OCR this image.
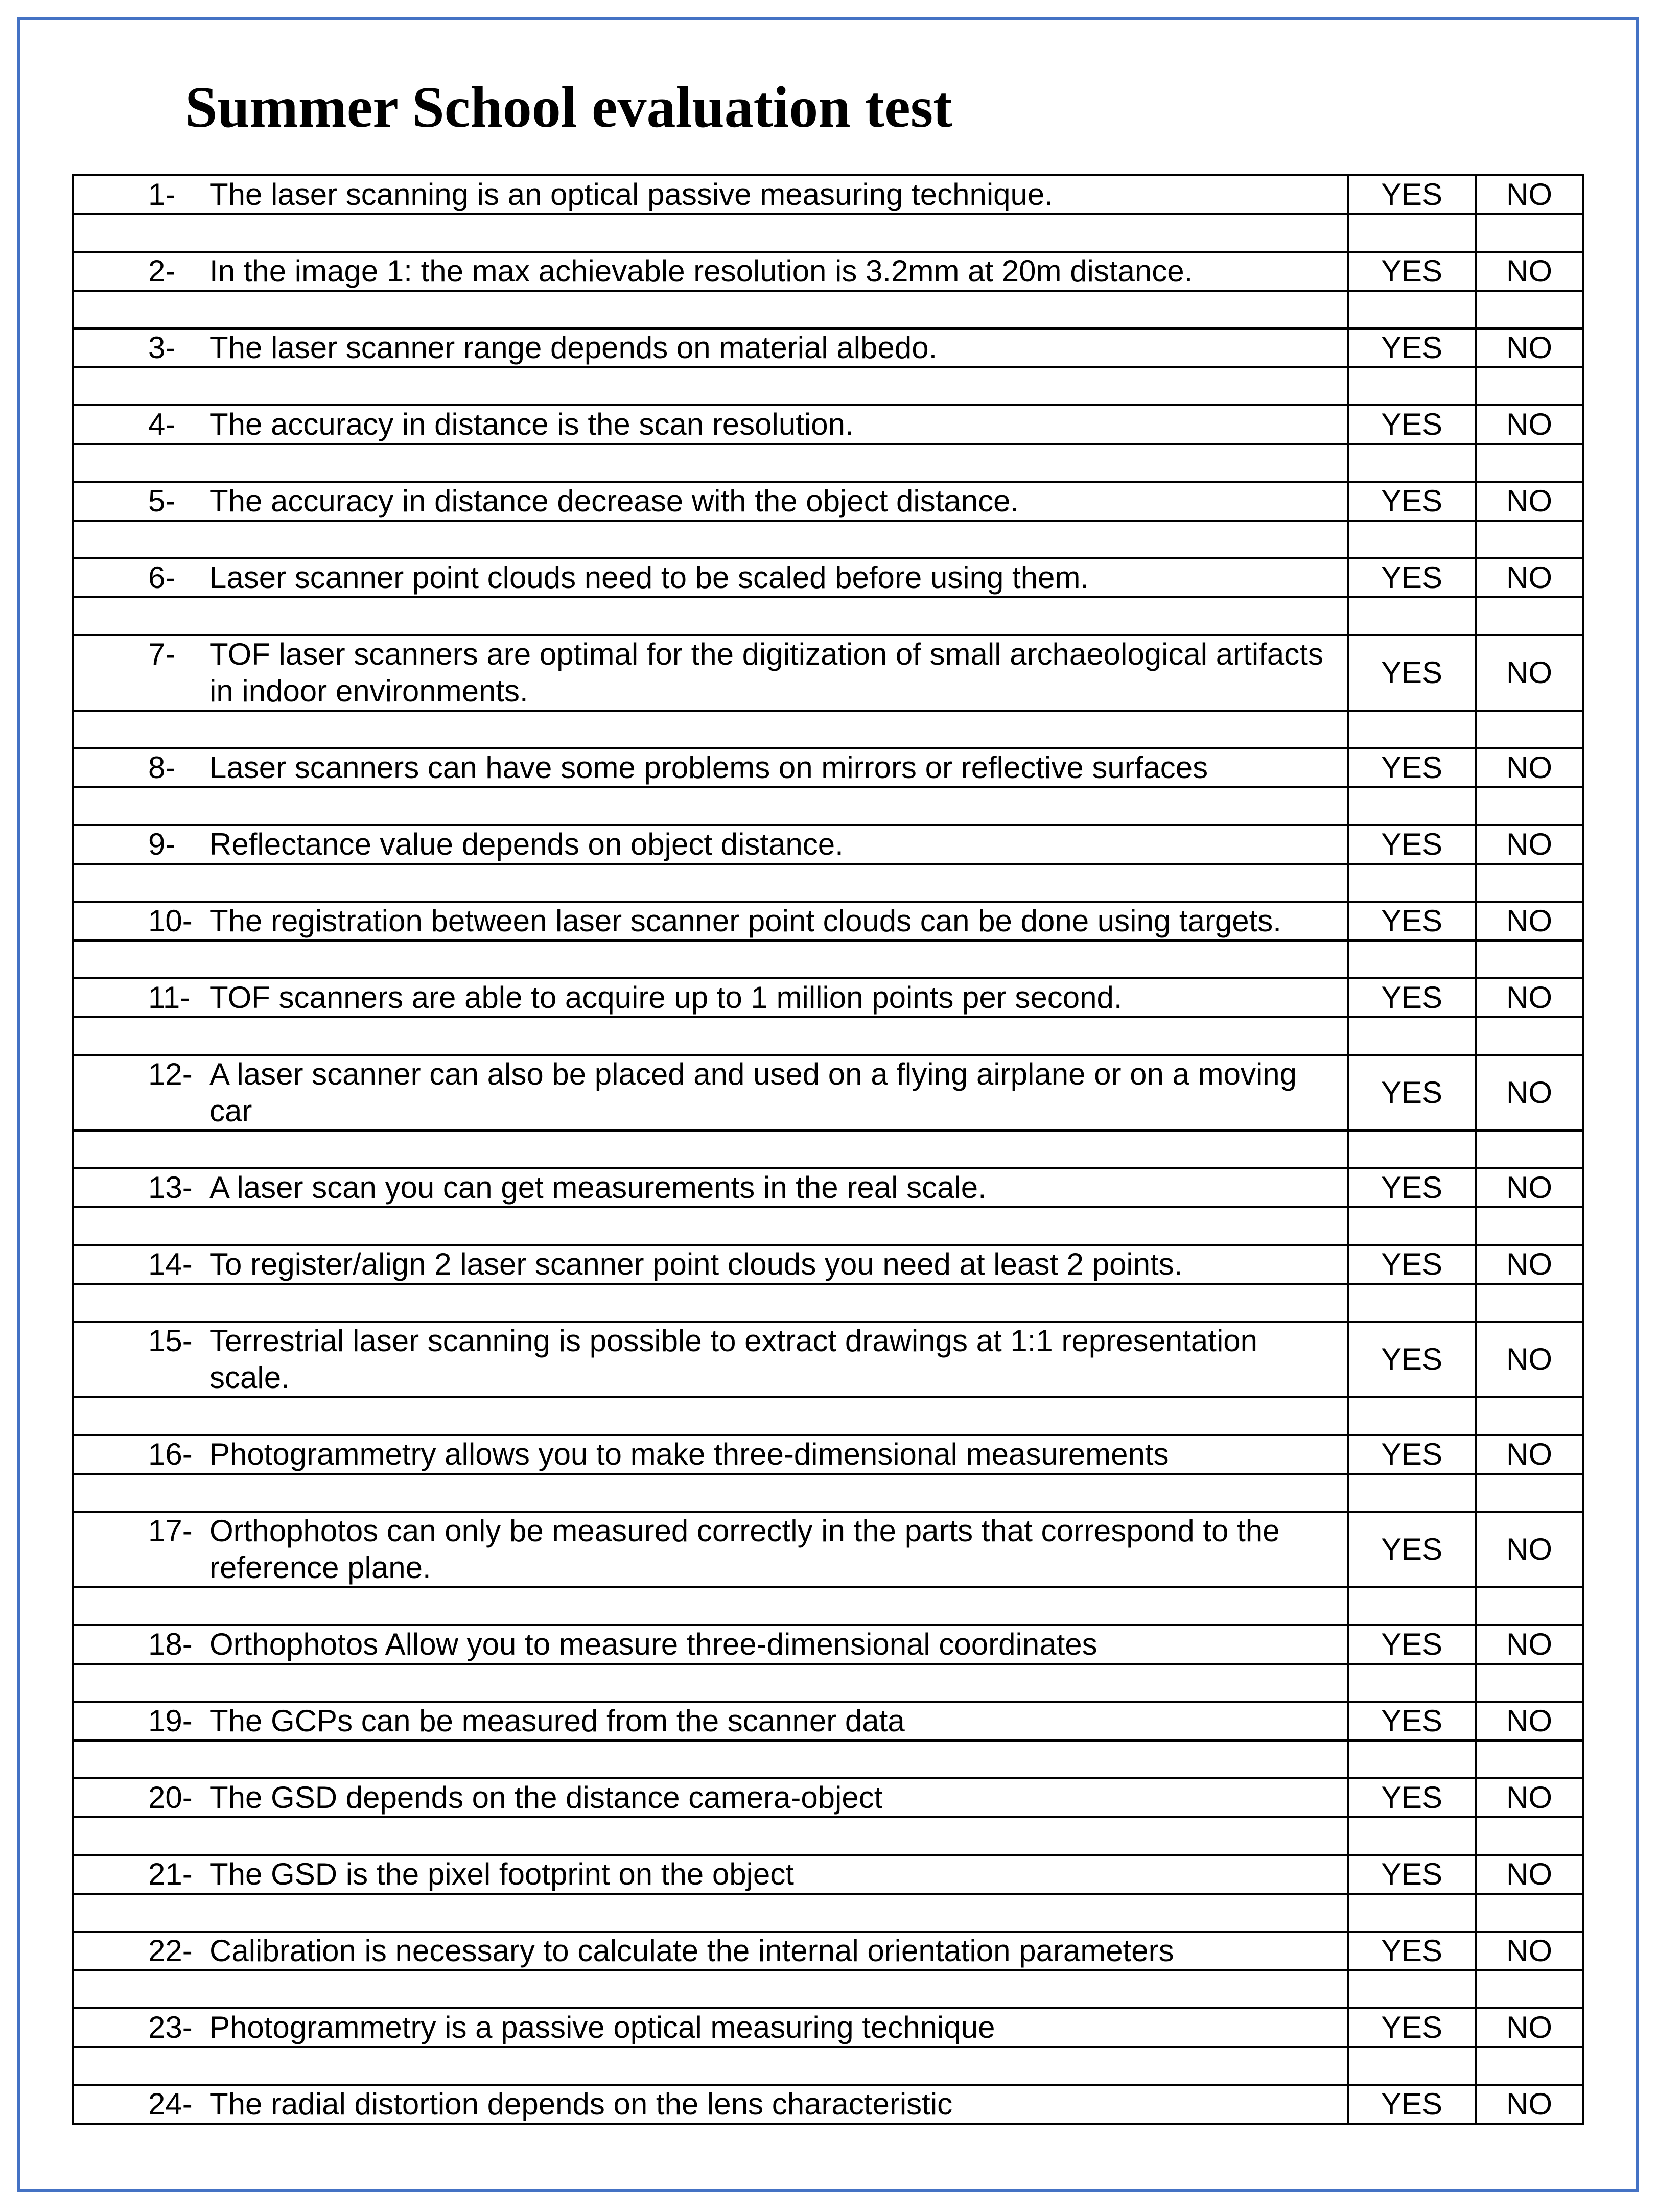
Summer School evaluation test
1- The laser scanning is an optical passive measuring technique.	YES	NO

2- In the image 1: the max achievable resolution is 3.2mm at 20m distance.	YES	NO

3- The laser scanner range depends on material albedo.	YES	NO

4- The accuracy in distance is the scan resolution.	YES	NO

5- The accuracy in distance decrease with the object distance.	YES	NO

6- Laser scanner point clouds need to be scaled before using them.	YES	NO

7- TOF laser scanners are optimal for the digitization of small archaeological artifacts in indoor environments.	YES	NO

8- Laser scanners can have some problems on mirrors or reflective surfaces	YES	NO

9- Reflectance value depends on object distance.	YES	NO

10- The registration between laser scanner point clouds can be done using targets.	YES	NO

11- TOF scanners are able to acquire up to 1 million points per second.	YES	NO

12- A laser scanner can also be placed and used on a flying airplane or on a moving car	YES	NO

13- A laser scan you can get measurements in the real scale.	YES	NO

14- To register/align 2 laser scanner point clouds you need at least 2 points.	YES	NO

15- Terrestrial laser scanning is possible to extract drawings at 1:1 representation scale.	YES	NO

16- Photogrammetry allows you to make three-dimensional measurements	YES	NO

17- Orthophotos can only be measured correctly in the parts that correspond to the reference plane.	YES	NO

18- Orthophotos Allow you to measure three-dimensional coordinates	YES	NO

19- The GCPs can be measured from the scanner data	YES	NO

20- The GSD depends on the distance camera-object	YES	NO

21- The GSD is the pixel footprint on the object	YES	NO

22- Calibration is necessary to calculate the internal orientation parameters	YES	NO

23- Photogrammetry is a passive optical measuring technique	YES	NO

24- The radial distortion depends on the lens characteristic	YES	NO
